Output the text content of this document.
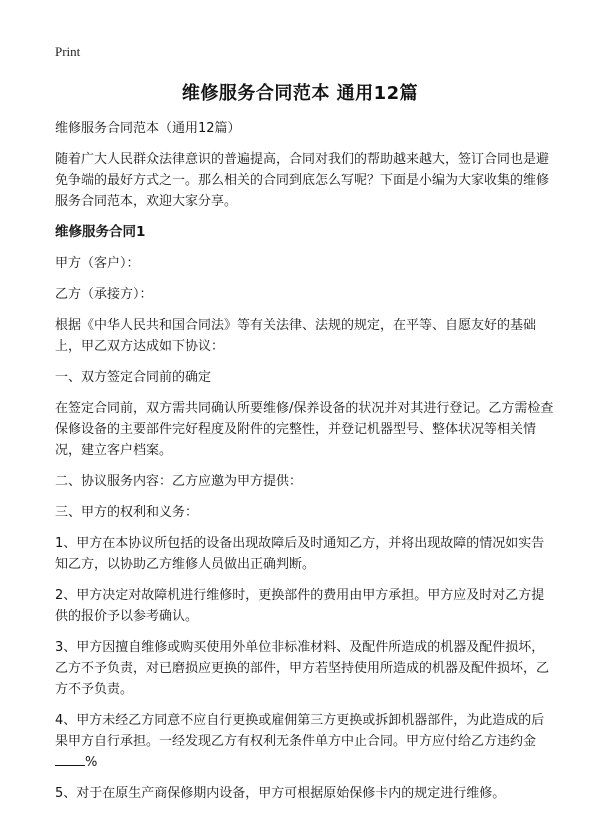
Print
维修服务合同范本 通用12篇

维修服务合同范本（通用12篇）

随着广大人民群众法律意识的普遍提高，合同对我们的帮助越来越大，签订合同也是避免争端的最好方式之一。那么相关的合同到底怎么写呢？下面是小编为大家收集的维修服务合同范本，欢迎大家分享。

维修服务合同1

甲方（客户）：

乙方（承接方）：

根据《中华人民共和国合同法》等有关法律、法规的规定，在平等、自愿友好的基础上，甲乙双方达成如下协议：

一、双方签定合同前的确定

在签定合同前，双方需共同确认所要维修/保养设备的状况并对其进行登记。乙方需检查保修设备的主要部件完好程度及附件的完整性，并登记机器型号、整体状况等相关情况，建立客户档案。

二、协议服务内容：乙方应邀为甲方提供：

三、甲方的权利和义务：

1、甲方在本协议所包括的设备出现故障后及时通知乙方，并将出现故障的情况如实告知乙方，以协助乙方维修人员做出正确判断。

2、甲方决定对故障机进行维修时，更换部件的费用由甲方承担。甲方应及时对乙方提供的报价予以参考确认。

3、甲方因擅自维修或购买使用外单位非标准材料、及配件所造成的机器及配件损坏，乙方不予负责，对已磨损应更换的部件，甲方若坚持使用所造成的机器及配件损坏，乙方不予负责。

4、甲方未经乙方同意不应自行更换或雇佣第三方更换或拆卸机器部件，为此造成的后果甲方自行承担。一经发现乙方有权利无条件单方中止合同。甲方应付给乙方违约金%

5、对于在原生产商保修期内设备，甲方可根据原始保修卡内的规定进行维修。
